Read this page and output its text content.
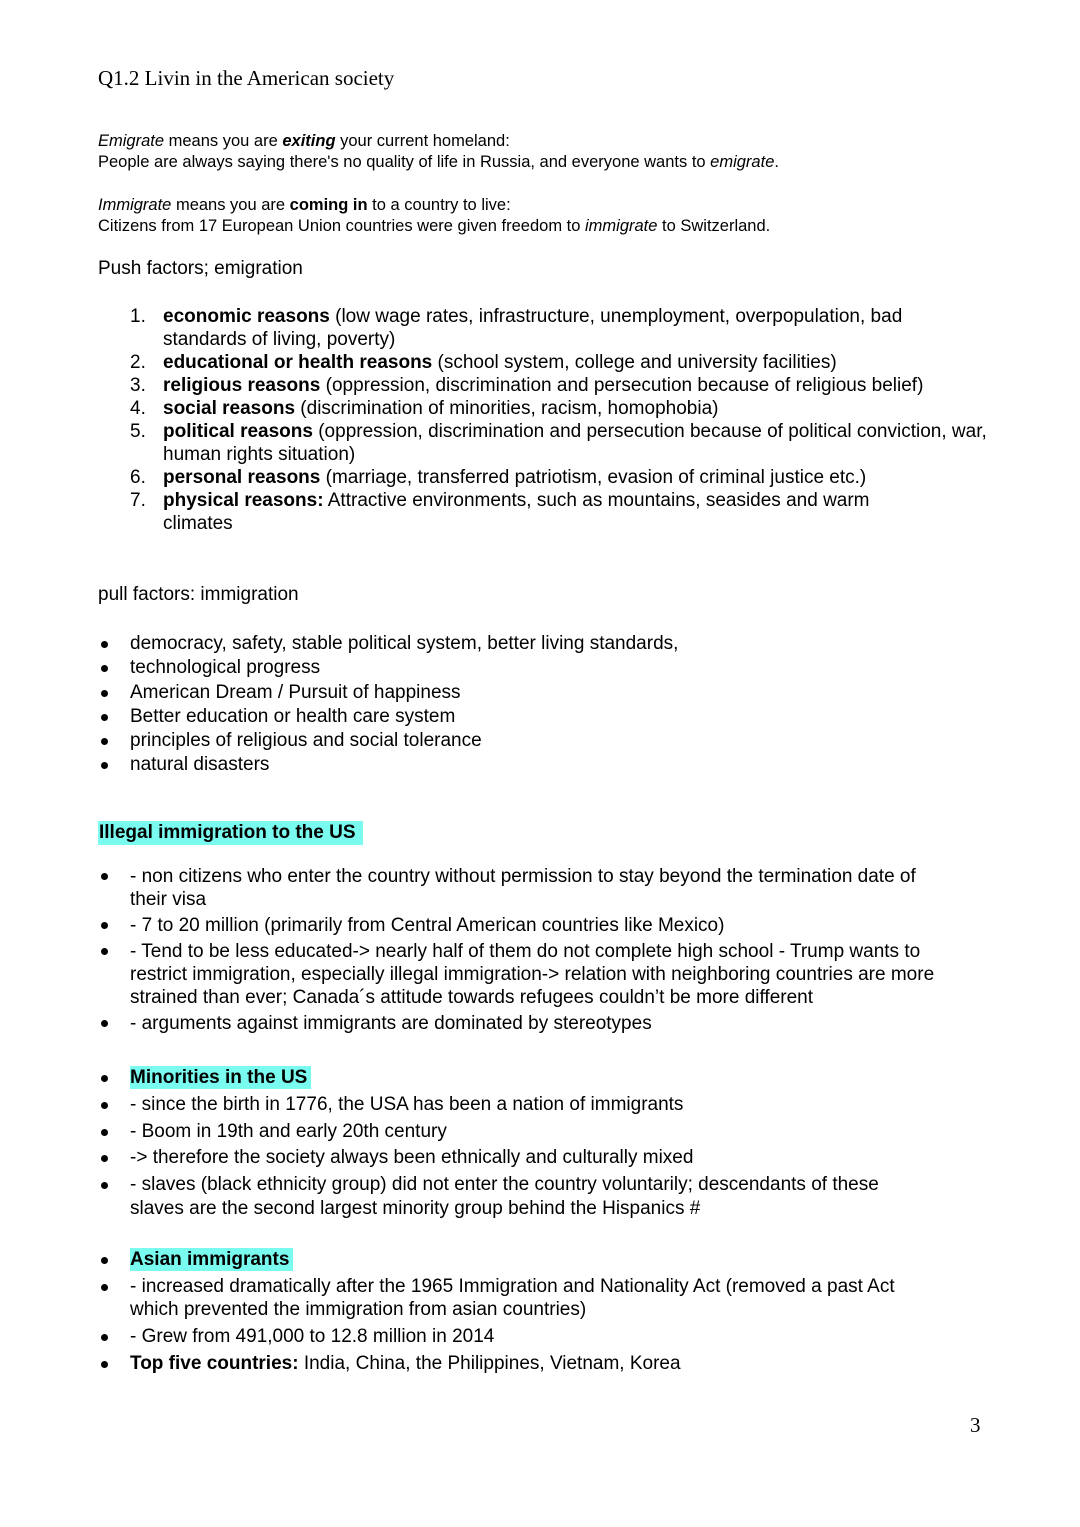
Q1.2 Livin in the American society

Emigrate means you are exiting your current homeland:

People are always saying there's no quality of life in Russia, and everyone wants to emigrate.

Immigrate means you are coming in to a country to live:

Citizens from 17 European Union countries were given freedom to immigrate to Switzerland.

Push factors; emigration
1. economic reasons (low wage rates, infrastructure, unemployment, overpopulation, bad standards of living, poverty)
2. educational or health reasons (school system, college and university facilities)
3. religious reasons (oppression, discrimination and persecution because of religious belief)
4. social reasons (discrimination of minorities, racism, homophobia)
5. political reasons (oppression, discrimination and persecution because of political conviction, war, human rights situation)
6. personal reasons (marriage, transferred patriotism, evasion of criminal justice etc.)
7. physical reasons: Attractive environments, such as mountains, seasides and warm climates
pull factors: immigration
democracy, safety, stable political system, better living standards,
technological progress
American Dream / Pursuit of happiness
Better education or health care system
principles of religious and social tolerance
natural disasters
Illegal immigration to the US
- non citizens who enter the country without permission to stay beyond the termination date of their visa
- 7 to 20 million (primarily from Central American countries like Mexico)
- Tend to be less educated-> nearly half of them do not complete high school - Trump wants to restrict immigration, especially illegal immigration-> relation with neighboring countries are more strained than ever; Canada´s attitude towards refugees couldn’t be more different
- arguments against immigrants are dominated by stereotypes
Minorities in the US
- since the birth in 1776, the USA has been a nation of immigrants
- Boom in 19th and early 20th century
-> therefore the society always been ethnically and culturally mixed
- slaves (black ethnicity group) did not enter the country voluntarily; descendants of these slaves are the second largest minority group behind the Hispanics #
Asian immigrants
- increased dramatically after the 1965 Immigration and Nationality Act (removed a past Act which prevented the immigration from asian countries)
- Grew from 491,000 to 12.8 million in 2014
Top five countries: India, China, the Philippines, Vietnam, Korea
3
